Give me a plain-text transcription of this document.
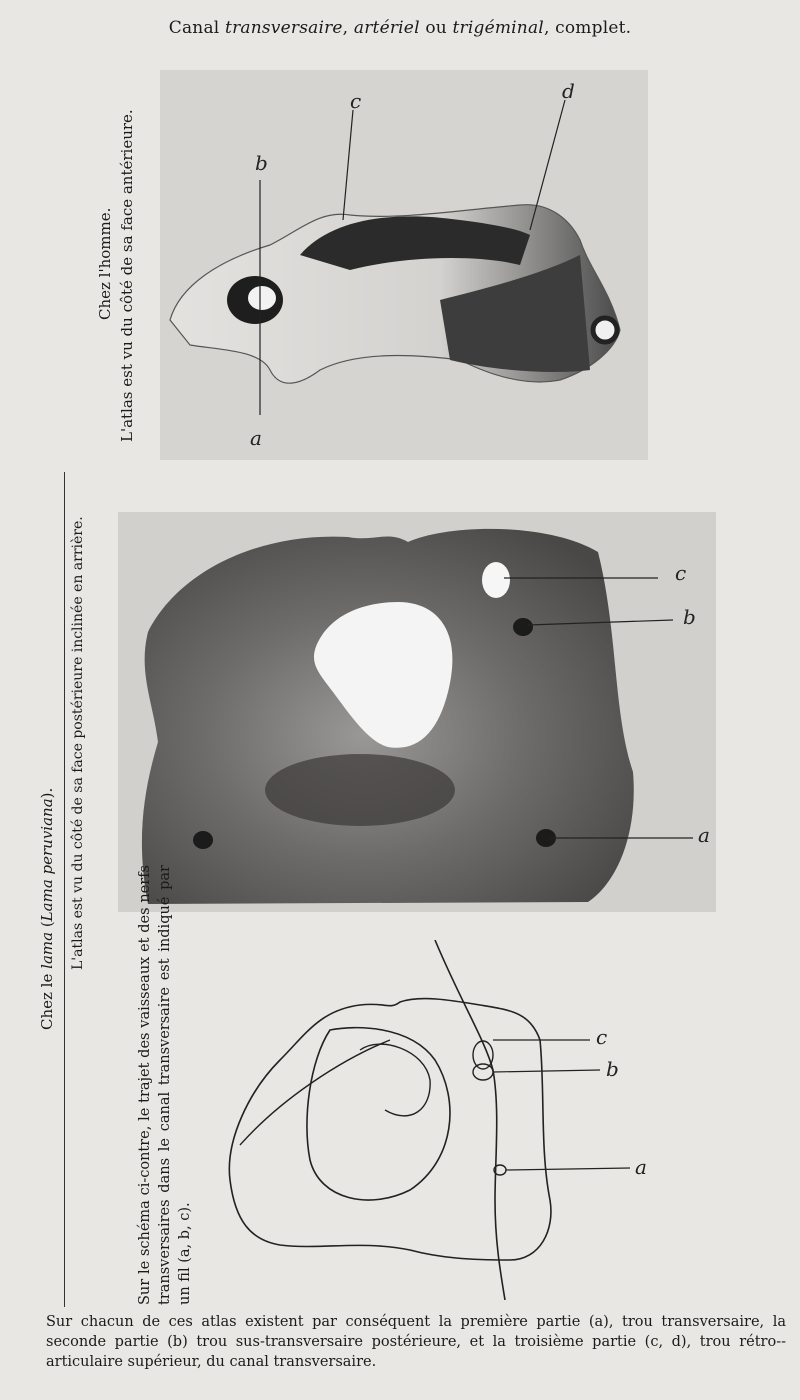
Canal transversaire, artériel ou trigéminal, complet.
b
a
c	d
Chez l'homme. L'atlas est vu du côté de sa face antérieure.
c
b
a
Chez le lama (Lama peruviana). L'atlas est vu du côté de sa face postérieure inclinée en arrière.
Sur le schéma ci-contre, le trajet des vaisseaux et des nerfs transversaires dans le canal transversaire est indiqué par un fil (a, b, c).
c
b
a
Sur chacun de ces atlas existent par conséquent la première partie (a), trou transversaire, la seconde partie (b) trou sus-transversaire postérieure, et la troisième partie (c, d), trou rétro--articulaire supérieur, du canal transversaire.
